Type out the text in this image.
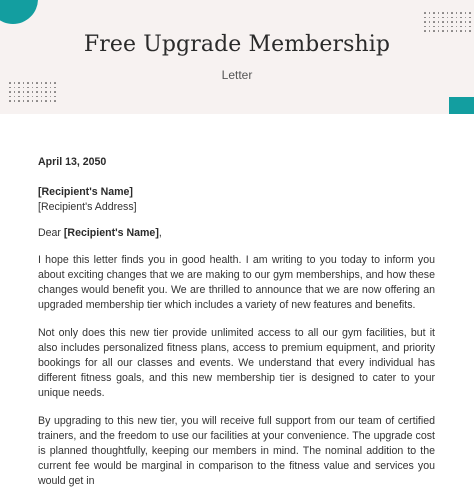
Free Upgrade Membership
Letter
April 13, 2050
[Recipient's Name]
[Recipient's Address]
Dear [Recipient's Name],

I hope this letter finds you in good health. I am writing to you today to inform you about exciting changes that we are making to our gym memberships, and how these changes would benefit you. We are thrilled to announce that we are now offering an upgraded membership tier which includes a variety of new features and benefits.

Not only does this new tier provide unlimited access to all our gym facilities, but it also includes personalized fitness plans, access to premium equipment, and priority bookings for all our classes and events. We understand that every individual has different fitness goals, and this new membership tier is designed to cater to your unique needs.

By upgrading to this new tier, you will receive full support from our team of certified trainers, and the freedom to use our facilities at your convenience. The upgrade cost is planned thoughtfully, keeping our members in mind. The nominal addition to the current fee would be marginal in comparison to the fitness value and services you would get in
